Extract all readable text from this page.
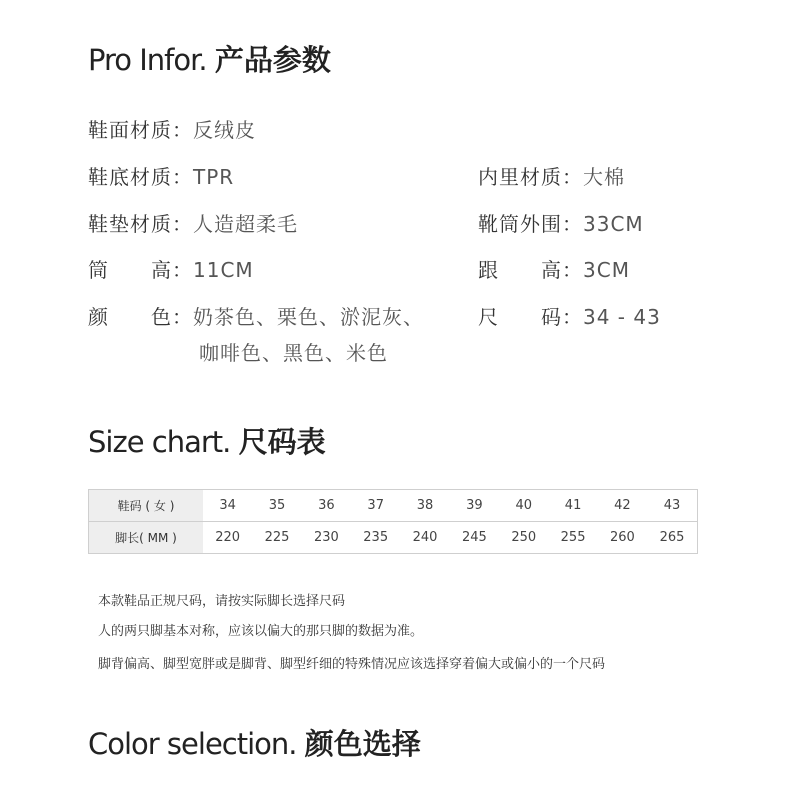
Pro Infor. 产品参数
鞋面材质：反绒皮
鞋底材质：TPR	内里材质：大棉
鞋垫材质：人造超柔毛	靴筒外围：33CM
筒　　高：11CM	跟　　高：3CM
颜　　色：奶茶色、栗色、淤泥灰、
咖啡色、黑色、米色
尺　　码：34 - 43
Size chart. 尺码表
鞋码 ( 女 )	34	35	36	37	38	39	40	41	42	43
脚长( MM )	220	225	230	235	240	245	250	255	260	265
本款鞋品正规尺码，请按实际脚长选择尺码
人的两只脚基本对称，应该以偏大的那只脚的数据为准。
脚背偏高、脚型宽胖或是脚背、脚型纤细的特殊情况应该选择穿着偏大或偏小的一个尺码
Color selection. 颜色选择
